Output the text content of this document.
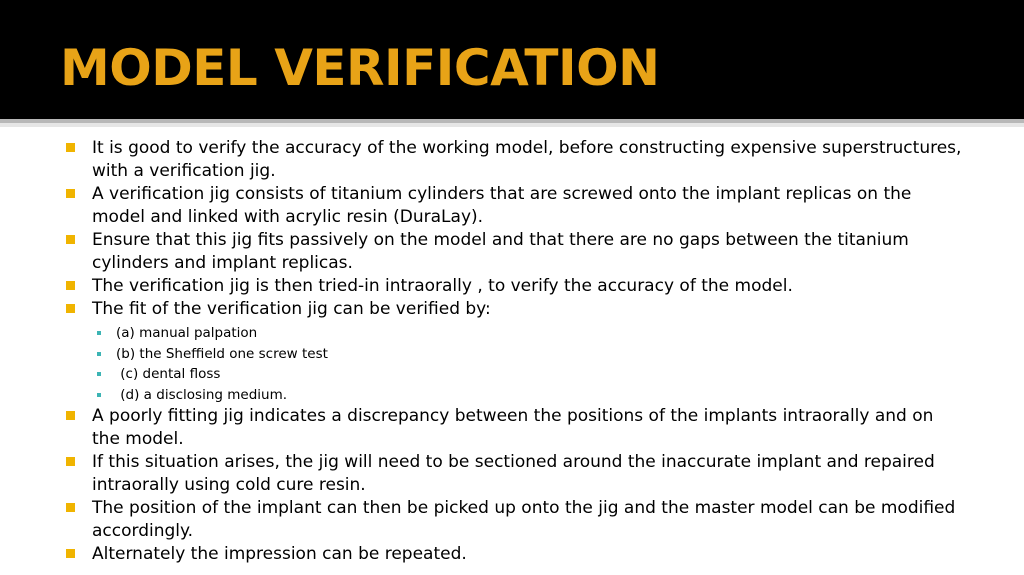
MODEL VERIFICATION
It is good to verify the accuracy of the working model, before constructing expensive superstructures, with a verification jig.
A verification jig consists of titanium cylinders that are screwed onto the implant replicas on the model and linked with acrylic resin (DuraLay).
Ensure that this jig fits passively on the model and that there are no gaps between the titanium cylinders and implant replicas.
The verification jig is then tried-in intraorally , to verify the accuracy of the model.
The fit of the verification jig can be verified by:
(a) manual palpation
(b) the Sheffield one screw test
(c) dental floss
(d) a disclosing medium.
A poorly fitting jig indicates a discrepancy between the positions of the implants intraorally and on the model.
If this situation arises, the jig will need to be sectioned around the inaccurate implant and repaired intraorally using cold cure resin.
The position of the implant can then be picked up onto the jig and the master model can be modified accordingly.
Alternately the impression can be repeated.
